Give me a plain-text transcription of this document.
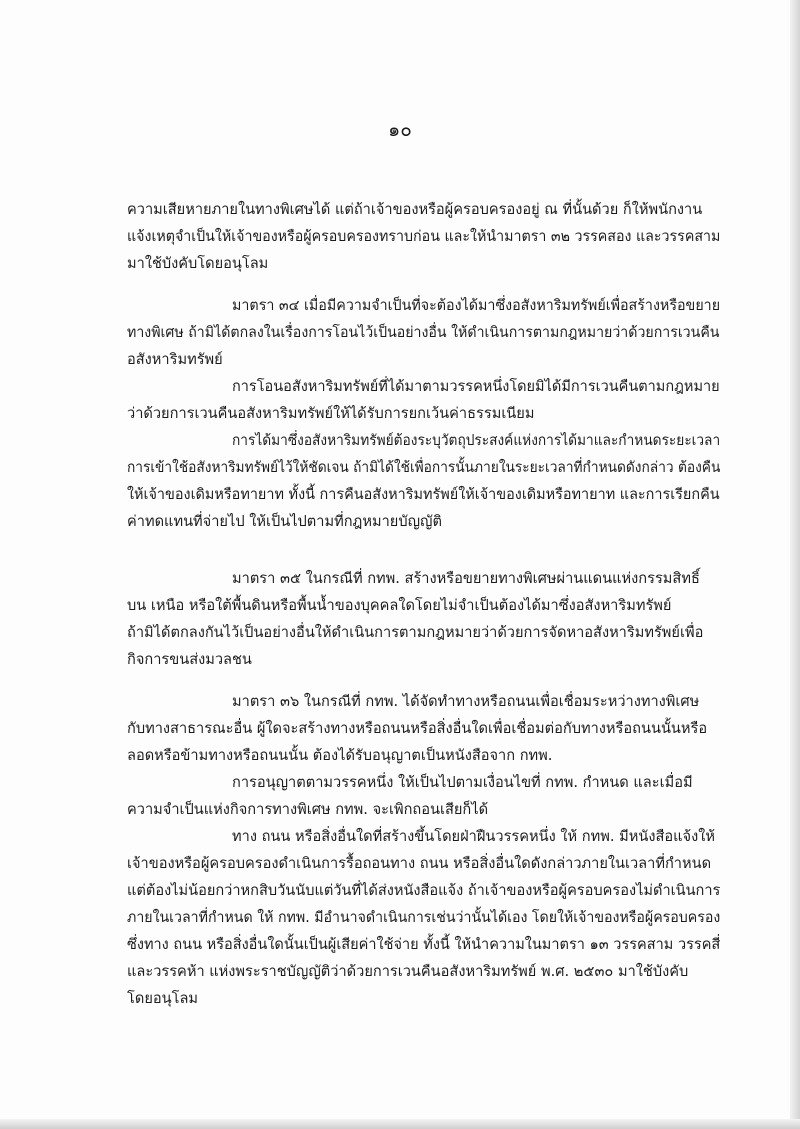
๑๐
ความเสียหายภายในทางพิเศษได้ แต่ถ้าเจ้าของหรือผู้ครอบครองอยู่ ณ ที่นั้นด้วย ก็ให้พนักงาน
แจ้งเหตุจำเป็นให้เจ้าของหรือผู้ครอบครองทราบก่อน และให้นำมาตรา ๓๒ วรรคสอง และวรรคสาม
มาใช้บังคับโดยอนุโลม
มาตรา ๓๔ เมื่อมีความจำเป็นที่จะต้องได้มาซึ่งอสังหาริมทรัพย์เพื่อสร้างหรือขยาย
ทางพิเศษ ถ้ามิได้ตกลงในเรื่องการโอนไว้เป็นอย่างอื่น ให้ดำเนินการตามกฎหมายว่าด้วยการเวนคืน
อสังหาริมทรัพย์
การโอนอสังหาริมทรัพย์ที่ได้มาตามวรรคหนึ่งโดยมิได้มีการเวนคืนตามกฎหมาย
ว่าด้วยการเวนคืนอสังหาริมทรัพย์ให้ได้รับการยกเว้นค่าธรรมเนียม
การได้มาซึ่งอสังหาริมทรัพย์ต้องระบุวัตถุประสงค์แห่งการได้มาและกำหนดระยะเวลา
การเข้าใช้อสังหาริมทรัพย์ไว้ให้ชัดเจน ถ้ามิได้ใช้เพื่อการนั้นภายในระยะเวลาที่กำหนดดังกล่าว ต้องคืน
ให้เจ้าของเดิมหรือทายาท ทั้งนี้ การคืนอสังหาริมทรัพย์ให้เจ้าของเดิมหรือทายาท และการเรียกคืน
ค่าทดแทนที่จ่ายไป ให้เป็นไปตามที่กฎหมายบัญญัติ
มาตรา ๓๕ ในกรณีที่ กทพ. สร้างหรือขยายทางพิเศษผ่านแดนแห่งกรรมสิทธิ์
บน เหนือ หรือใต้พื้นดินหรือพื้นน้ำของบุคคลใดโดยไม่จำเป็นต้องได้มาซึ่งอสังหาริมทรัพย์
ถ้ามิได้ตกลงกันไว้เป็นอย่างอื่นให้ดำเนินการตามกฎหมายว่าด้วยการจัดหาอสังหาริมทรัพย์เพื่อ
กิจการขนส่งมวลชน
มาตรา ๓๖ ในกรณีที่ กทพ. ได้จัดทำทางหรือถนนเพื่อเชื่อมระหว่างทางพิเศษ
กับทางสาธารณะอื่น ผู้ใดจะสร้างทางหรือถนนหรือสิ่งอื่นใดเพื่อเชื่อมต่อกับทางหรือถนนนั้นหรือ
ลอดหรือข้ามทางหรือถนนนั้น ต้องได้รับอนุญาตเป็นหนังสือจาก กทพ.
การอนุญาตตามวรรคหนึ่ง ให้เป็นไปตามเงื่อนไขที่ กทพ. กำหนด และเมื่อมี
ความจำเป็นแห่งกิจการทางพิเศษ กทพ. จะเพิกถอนเสียก็ได้
ทาง ถนน หรือสิ่งอื่นใดที่สร้างขึ้นโดยฝ่าฝืนวรรคหนึ่ง ให้ กทพ. มีหนังสือแจ้งให้
เจ้าของหรือผู้ครอบครองดำเนินการรื้อถอนทาง ถนน หรือสิ่งอื่นใดดังกล่าวภายในเวลาที่กำหนด
แต่ต้องไม่น้อยกว่าหกสิบวันนับแต่วันที่ได้ส่งหนังสือแจ้ง ถ้าเจ้าของหรือผู้ครอบครองไม่ดำเนินการ
ภายในเวลาที่กำหนด ให้ กทพ. มีอำนาจดำเนินการเช่นว่านั้นได้เอง โดยให้เจ้าของหรือผู้ครอบครอง
ซึ่งทาง ถนน หรือสิ่งอื่นใดนั้นเป็นผู้เสียค่าใช้จ่าย ทั้งนี้ ให้นำความในมาตรา ๑๓ วรรคสาม วรรคสี่
และวรรคห้า แห่งพระราชบัญญัติว่าด้วยการเวนคืนอสังหาริมทรัพย์ พ.ศ. ๒๕๓๐ มาใช้บังคับ
โดยอนุโลม
